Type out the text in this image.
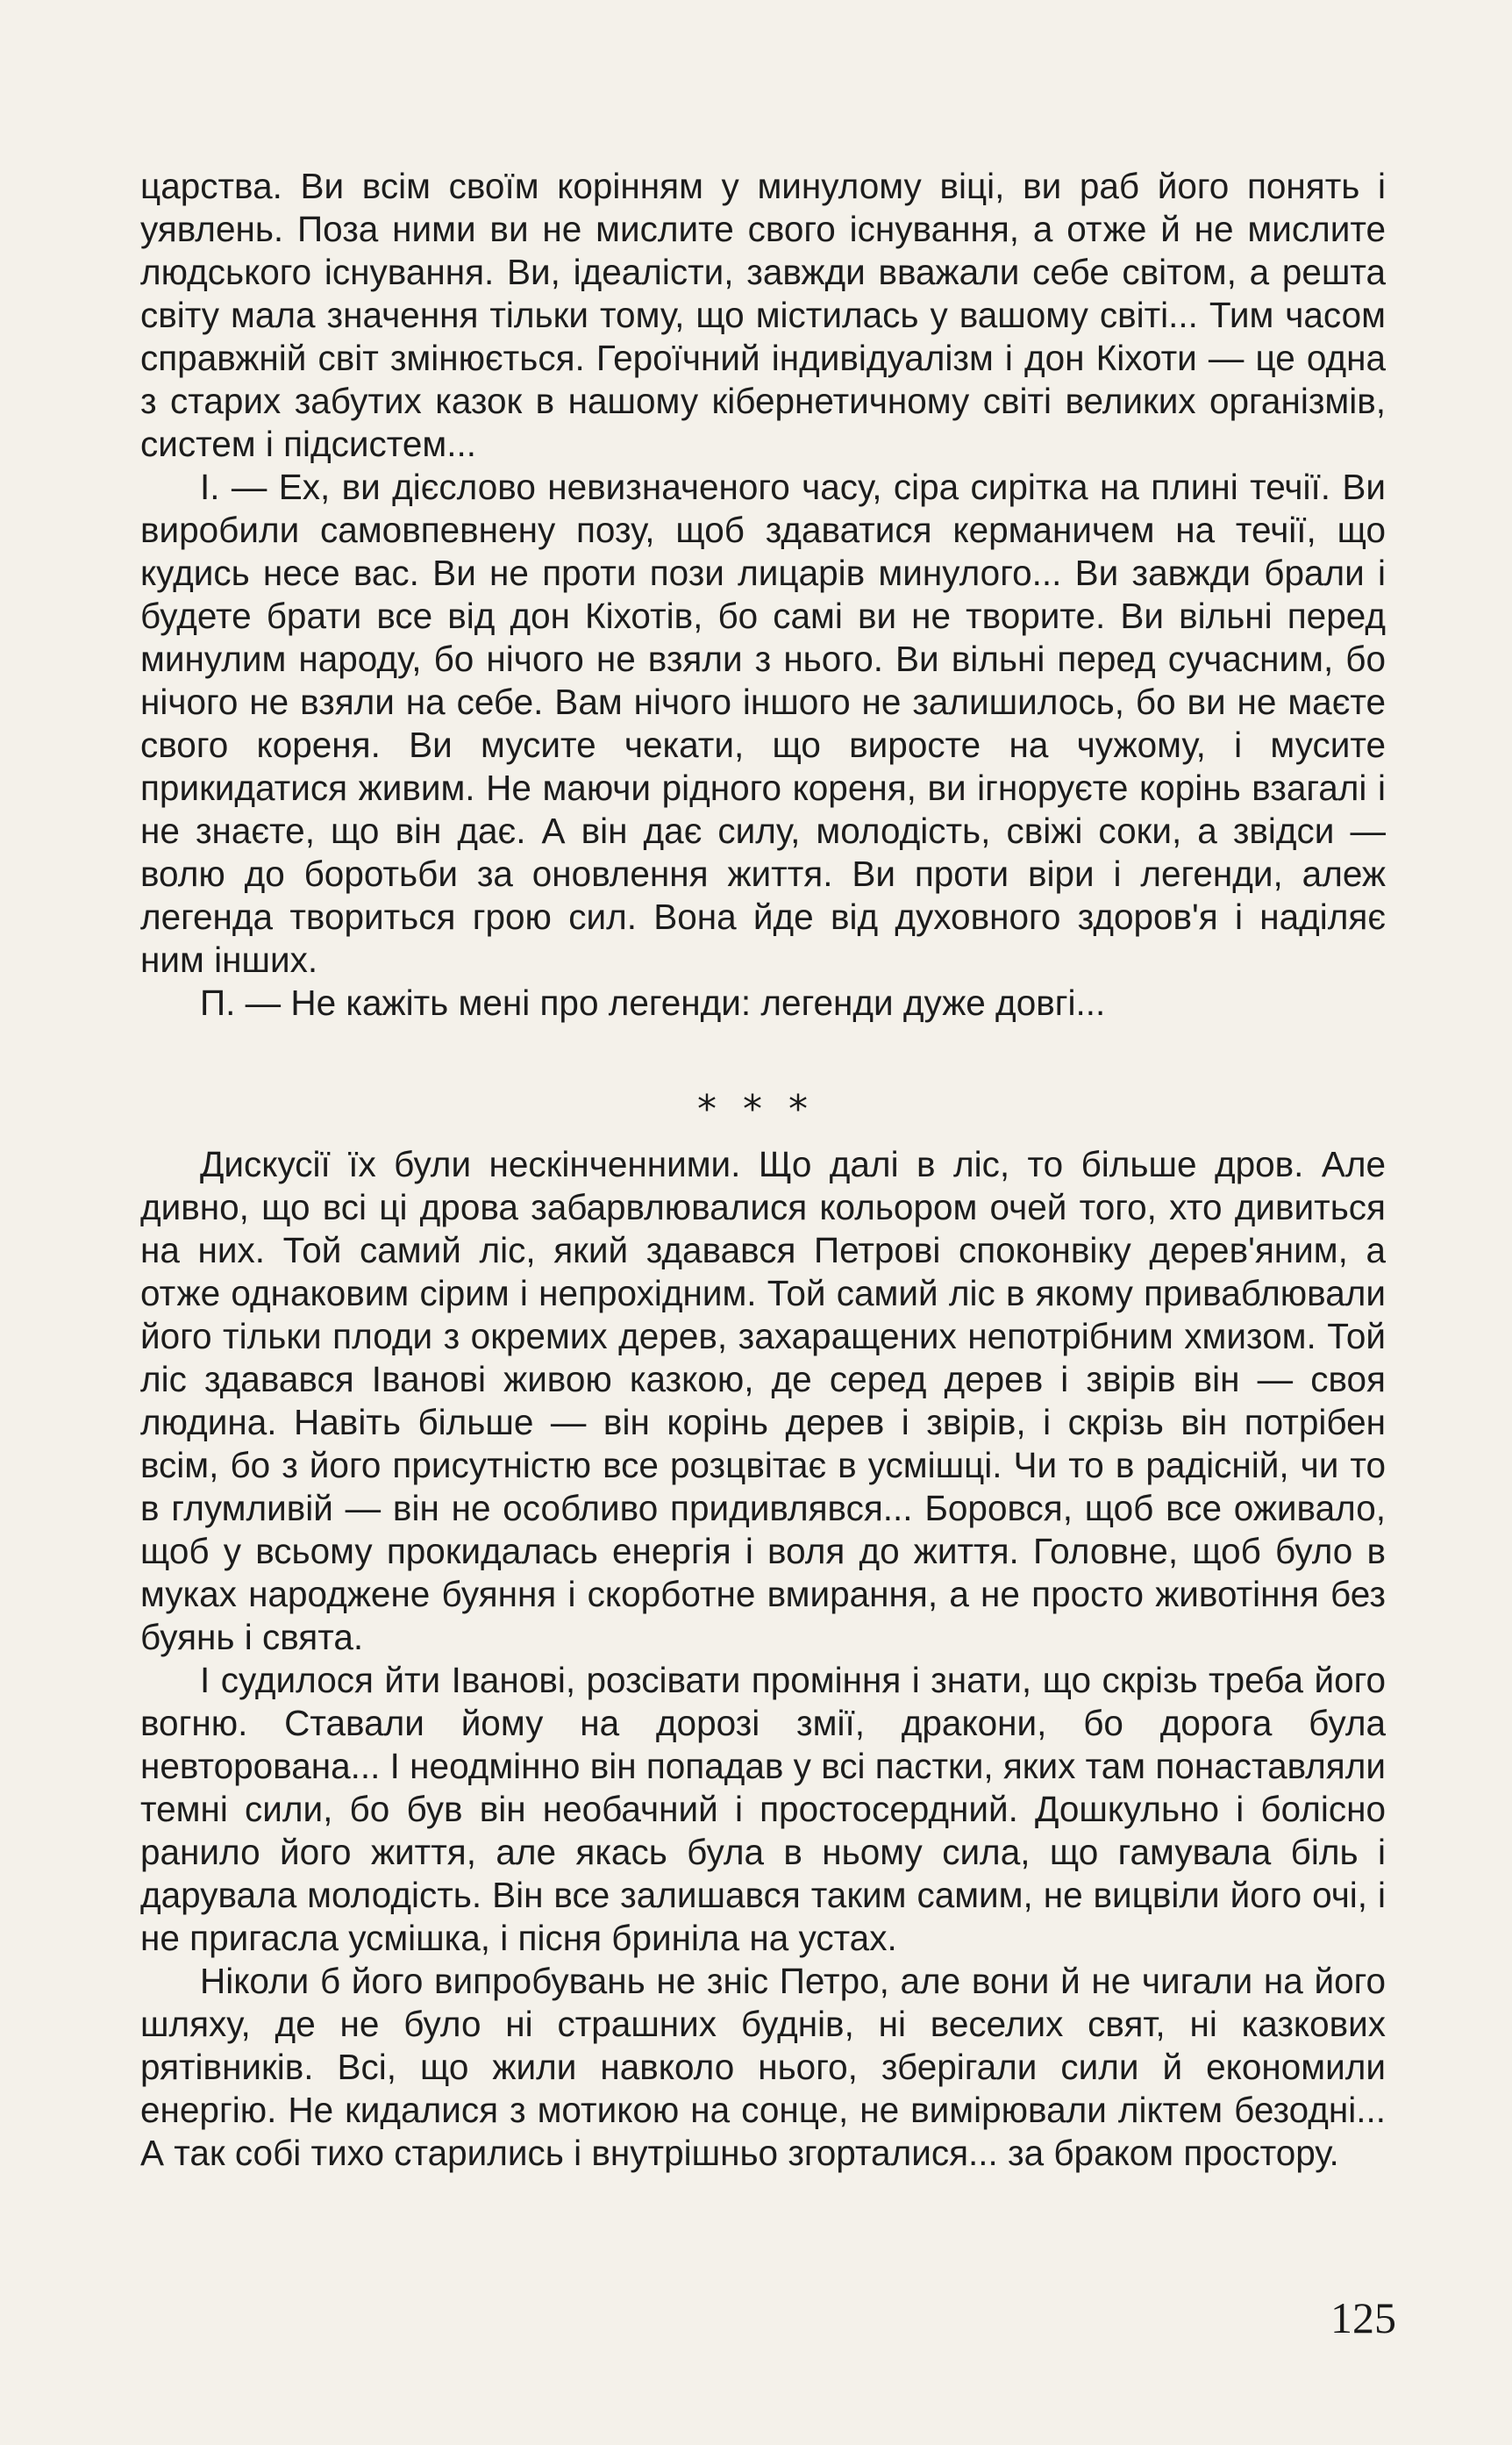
царства. Ви всім своїм корінням у минулому віці, ви раб його понять і уявлень. Поза ними ви не мислите свого існування, а отже й не мислите людського існування. Ви, ідеалісти, завжди вважали себе світом, а решта світу мала значення тільки тому, що містилась у вашому світі... Тим часом справжній світ змінюється. Героїчний індивідуалізм і дон Кіхоти — це одна з старих забутих казок в нашому кібернетичному світі великих організмів, систем і підсистем...

І. — Ех, ви дієслово невизначеного часу, сіра сирітка на плині течії. Ви виробили самовпевнену позу, щоб здаватися керманичем на течії, що кудись несе вас. Ви не проти пози лицарів минулого... Ви завжди брали і будете брати все від дон Кіхотів, бо самі ви не творите. Ви вільні перед минулим народу, бо нічого не взяли з нього. Ви вільні перед сучасним, бо нічого не взяли на себе. Вам нічого іншого не залишилось, бо ви не маєте свого кореня. Ви мусите чекати, що виросте на чужому, і мусите прикидатися живим. Не маючи рідного кореня, ви ігноруєте корінь взагалі і не знаєте, що він дає. А він дає силу, молодість, свіжі соки, а звідси — волю до боротьби за оновлення життя. Ви проти віри і легенди, алеж легенда твориться грою сил. Вона йде від духовного здоров'я і наділяє ним інших.

П. — Не кажіть мені про легенди: легенди дуже довгі...

* * *

Дискусії їх були нескінченними. Що далі в ліс, то більше дров. Але дивно, що всі ці дрова забарвлювалися кольором очей того, хто дивиться на них. Той самий ліс, який здавався Петрові споконвіку дерев'яним, а отже однаковим сірим і непрохідним. Той самий ліс в якому приваблювали його тільки плоди з окремих дерев, захаращених непотрібним хмизом. Той ліс здавався Іванові живою казкою, де серед дерев і звірів він — своя людина. Навіть більше — він корінь дерев і звірів, і скрізь він потрібен всім, бо з його присутністю все розцвітає в усмішці. Чи то в радісній, чи то в глумливій — він не особливо придивлявся... Боровся, щоб все оживало, щоб у всьому прокидалась енергія і воля до життя. Головне, щоб було в муках народжене буяння і скорботне вмирання, а не просто животіння без буянь і свята.

І судилося йти Іванові, розсівати проміння і знати, що скрізь треба його вогню. Ставали йому на дорозі змії, дракони, бо дорога була невторована... І неодмінно він попадав у всі пастки, яких там понаставляли темні сили, бо був він необачний і простосердний. Дошкульно і болісно ранило його життя, але якась була в ньому сила, що гамувала біль і дарувала молодість. Він все залишався таким самим, не вицвіли його очі, і не пригасла усмішка, і пісня бриніла на устах.

Ніколи б його випробувань не зніс Петро, але вони й не чигали на його шляху, де не було ні страшних буднів, ні веселих свят, ні казкових рятівників. Всі, що жили навколо нього, зберігали сили й економили енергію. Не кидалися з мотикою на сонце, не вимірювали ліктем безодні... А так собі тихо старились і внутрішньо згорталися... за браком простору.

125
